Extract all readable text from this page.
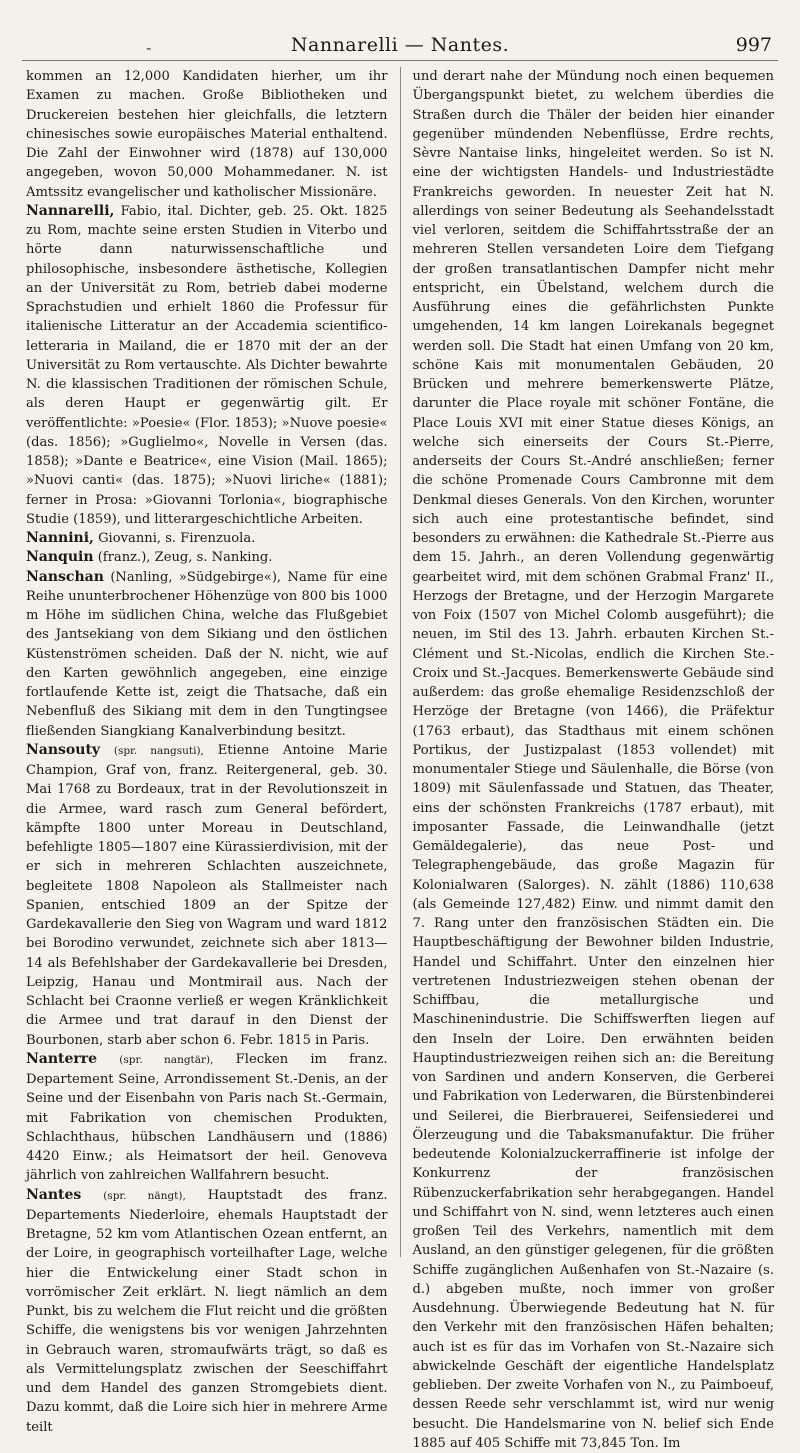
-	Nannarelli — Nantes.	997

kommen an 12,000 Kandidaten hierher, um ihr Examen zu machen. Große Bibliotheken und Druckereien bestehen hier gleichfalls, die letztern chinesisches sowie europäisches Material enthaltend. Die Zahl der Einwohner wird (1878) auf 130,000 angegeben, wovon 50,000 Mohammedaner. N. ist Amtssitz evangelischer und katholischer Missionäre.

Nannarelli, Fabio, ital. Dichter, geb. 25. Okt. 1825 zu Rom, machte seine ersten Studien in Viterbo und hörte dann naturwissenschaftliche und philosophische, insbesondere ästhetische, Kollegien an der Universität zu Rom, betrieb dabei moderne Sprachstudien und erhielt 1860 die Professur für italienische Litteratur an der Accademia scientifico-letteraria in Mailand, die er 1870 mit der an der Universität zu Rom vertauschte. Als Dichter bewahrte N. die klassischen Traditionen der römischen Schule, als deren Haupt er gegenwärtig gilt. Er veröffentlichte: »Poesie« (Flor. 1853); »Nuove poesie« (das. 1856); »Guglielmo«, Novelle in Versen (das. 1858); »Dante e Beatrice«, eine Vision (Mail. 1865); »Nuovi canti« (das. 1875); »Nuovi liriche« (1881); ferner in Prosa: »Giovanni Torlonia«, biographische Studie (1859), und litterargeschichtliche Arbeiten.

Nannini, Giovanni, s. Firenzuola.

Nanquin (franz.), Zeug, s. Nanking.

Nanschan (Nanling, »Südgebirge«), Name für eine Reihe ununterbrochener Höhenzüge von 800 bis 1000 m Höhe im südlichen China, welche das Flußgebiet des Jantsekiang von dem Sikiang und den östlichen Küstenströmen scheiden. Daß der N. nicht, wie auf den Karten gewöhnlich angegeben, eine einzige fortlaufende Kette ist, zeigt die Thatsache, daß ein Nebenfluß des Sikiang mit dem in den Tungtingsee fließenden Siangkiang Kanalverbindung besitzt.

Nansouty (spr. nangsuti), Etienne Antoine Marie Champion, Graf von, franz. Reitergeneral, geb. 30. Mai 1768 zu Bordeaux, trat in der Revolutionszeit in die Armee, ward rasch zum General befördert, kämpfte 1800 unter Moreau in Deutschland, befehligte 1805—1807 eine Kürassierdivision, mit der er sich in mehreren Schlachten auszeichnete, begleitete 1808 Napoleon als Stallmeister nach Spanien, entschied 1809 an der Spitze der Gardekavallerie den Sieg von Wagram und ward 1812 bei Borodino verwundet, zeichnete sich aber 1813—14 als Befehlshaber der Gardekavallerie bei Dresden, Leipzig, Hanau und Montmirail aus. Nach der Schlacht bei Craonne verließ er wegen Kränklichkeit die Armee und trat darauf in den Dienst der Bourbonen, starb aber schon 6. Febr. 1815 in Paris.

Nanterre (spr. nangtär), Flecken im franz. Departement Seine, Arrondissement St.-Denis, an der Seine und der Eisenbahn von Paris nach St.-Germain, mit Fabrikation von chemischen Produkten, Schlachthaus, hübschen Landhäusern und (1886) 4420 Einw.; als Heimatsort der heil. Genoveva jährlich von zahlreichen Wallfahrern besucht.

Nantes (spr. nängt), Hauptstadt des franz. Departements Niederloire, ehemals Hauptstadt der Bretagne, 52 km vom Atlantischen Ozean entfernt, an der Loire, in geographisch vorteilhafter Lage, welche hier die Entwickelung einer Stadt schon in vorrömischer Zeit erklärt. N. liegt nämlich an dem Punkt, bis zu welchem die Flut reicht und die größten Schiffe, die wenigstens bis vor wenigen Jahrzehnten in Gebrauch waren, stromaufwärts trägt, so daß es als Vermittelungsplatz zwischen der Seeschiffahrt und dem Handel des ganzen Stromgebiets dient. Dazu kommt, daß die Loire sich hier in mehrere Arme teilt

und derart nahe der Mündung noch einen bequemen Übergangspunkt bietet, zu welchem überdies die Straßen durch die Thäler der beiden hier einander gegenüber mündenden Nebenflüsse, Erdre rechts, Sèvre Nantaise links, hingeleitet werden. So ist N. eine der wichtigsten Handels- und Industriestädte Frankreichs geworden. In neuester Zeit hat N. allerdings von seiner Bedeutung als Seehandelsstadt viel verloren, seitdem die Schiffahrtsstraße der an mehreren Stellen versandeten Loire dem Tiefgang der großen transatlantischen Dampfer nicht mehr entspricht, ein Übelstand, welchem durch die Ausführung eines die gefährlichsten Punkte umgehenden, 14 km langen Loirekanals begegnet werden soll. Die Stadt hat einen Umfang von 20 km, schöne Kais mit monumentalen Gebäuden, 20 Brücken und mehrere bemerkenswerte Plätze, darunter die Place royale mit schöner Fontäne, die Place Louis XVI mit einer Statue dieses Königs, an welche sich einerseits der Cours St.-Pierre, anderseits der Cours St.-André anschließen; ferner die schöne Promenade Cours Cambronne mit dem Denkmal dieses Generals. Von den Kirchen, worunter sich auch eine protestantische befindet, sind besonders zu erwähnen: die Kathedrale St.-Pierre aus dem 15. Jahrh., an deren Vollendung gegenwärtig gearbeitet wird, mit dem schönen Grabmal Franz' II., Herzogs der Bretagne, und der Herzogin Margarete von Foix (1507 von Michel Colomb ausgeführt); die neuen, im Stil des 13. Jahrh. erbauten Kirchen St.-Clément und St.-Nicolas, endlich die Kirchen Ste.-Croix und St.-Jacques. Bemerkenswerte Gebäude sind außerdem: das große ehemalige Residenzschloß der Herzöge der Bretagne (von 1466), die Präfektur (1763 erbaut), das Stadthaus mit einem schönen Portikus, der Justizpalast (1853 vollendet) mit monumentaler Stiege und Säulenhalle, die Börse (von 1809) mit Säulenfassade und Statuen, das Theater, eins der schönsten Frankreichs (1787 erbaut), mit imposanter Fassade, die Leinwandhalle (jetzt Gemäldegalerie), das neue Post- und Telegraphengebäude, das große Magazin für Kolonialwaren (Salorges). N. zählt (1886) 110,638 (als Gemeinde 127,482) Einw. und nimmt damit den 7. Rang unter den französischen Städten ein. Die Hauptbeschäftigung der Bewohner bilden Industrie, Handel und Schiffahrt. Unter den einzelnen hier vertretenen Industriezweigen stehen obenan der Schiffbau, die metallurgische und Maschinenindustrie. Die Schiffswerften liegen auf den Inseln der Loire. Den erwähnten beiden Hauptindustriezweigen reihen sich an: die Bereitung von Sardinen und andern Konserven, die Gerberei und Fabrikation von Lederwaren, die Bürstenbinderei und Seilerei, die Bierbrauerei, Seifensiederei und Ölerzeugung und die Tabaksmanufaktur. Die früher bedeutende Kolonialzuckerraffinerie ist infolge der Konkurrenz der französischen Rübenzuckerfabrikation sehr herabgegangen. Handel und Schiffahrt von N. sind, wenn letzteres auch einen großen Teil des Verkehrs, namentlich mit dem Ausland, an den günstiger gelegenen, für die größten Schiffe zugänglichen Außenhafen von St.-Nazaire (s. d.) abgeben mußte, noch immer von großer Ausdehnung. Überwiegende Bedeutung hat N. für den Verkehr mit den französischen Häfen behalten; auch ist es für das im Vorhafen von St.-Nazaire sich abwickelnde Geschäft der eigentliche Handelsplatz geblieben. Der zweite Vorhafen von N., zu Paimboeuf, dessen Reede sehr verschlammt ist, wird nur wenig besucht. Die Handelsmarine von N. belief sich Ende 1885 auf 405 Schiffe mit 73,845 Ton. Im
